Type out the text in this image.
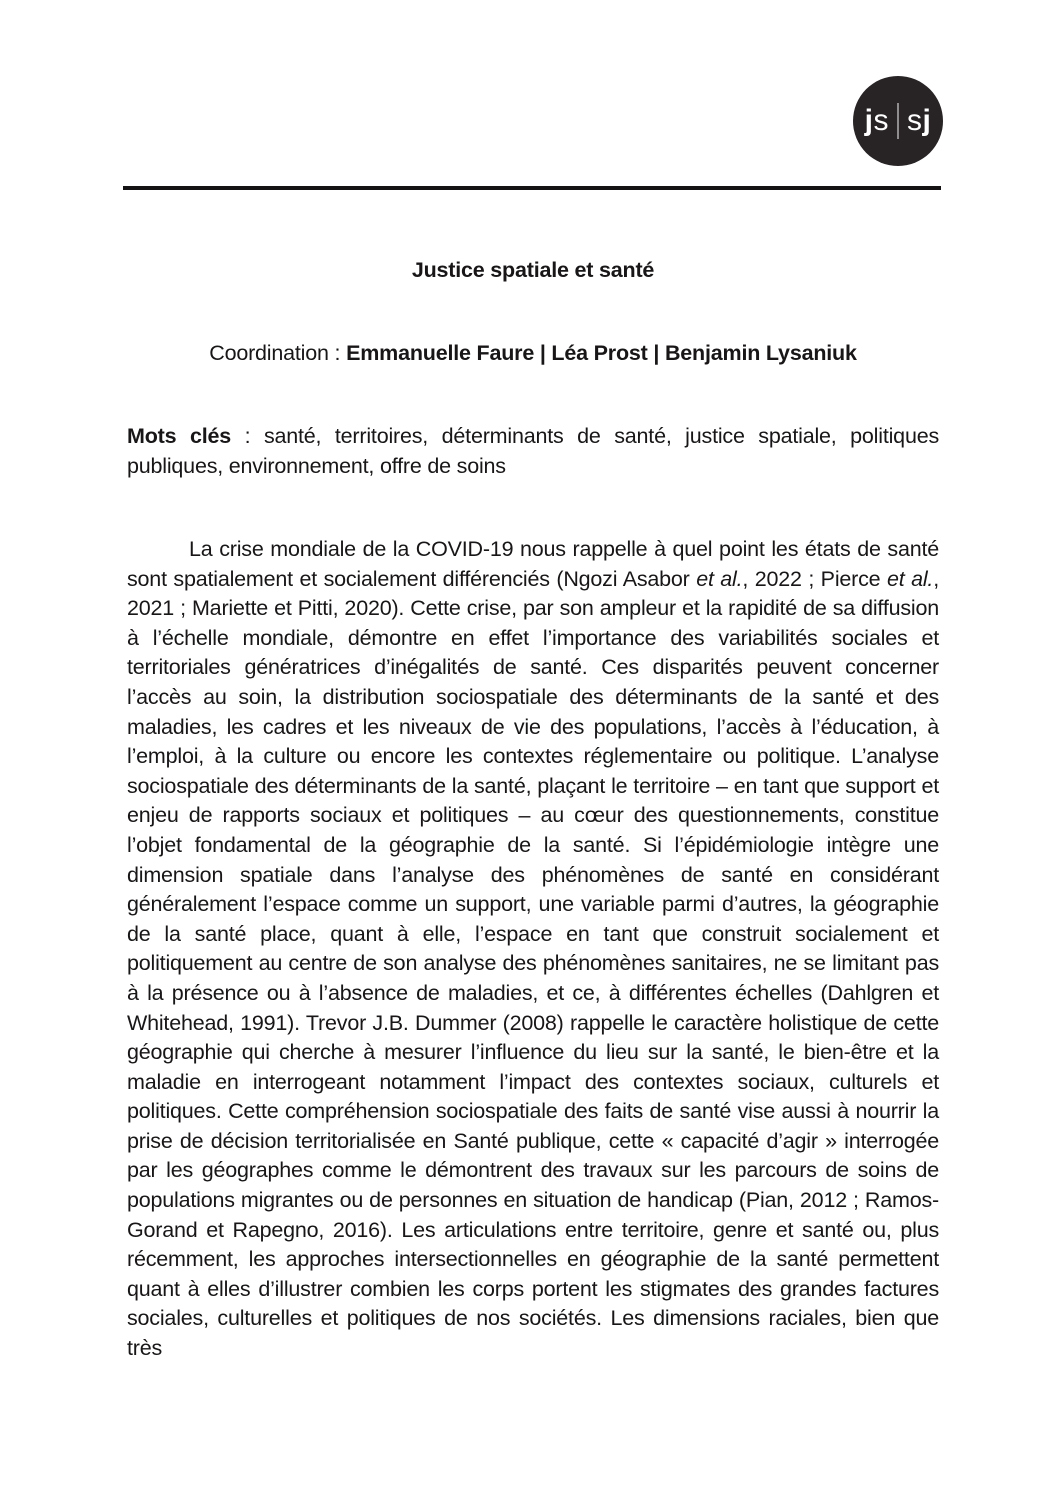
js sj
Justice spatiale et santé
Coordination : Emmanuelle Faure | Léa Prost | Benjamin Lysaniuk
Mots clés : santé, territoires, déterminants de santé, justice spatiale, politiques publiques, environnement, offre de soins
La crise mondiale de la COVID-19 nous rappelle à quel point les états de santé sont spatialement et socialement différenciés (Ngozi Asabor et al., 2022 ; Pierce et al., 2021 ; Mariette et Pitti, 2020). Cette crise, par son ampleur et la rapidité de sa diffusion à l’échelle mondiale, démontre en effet l’importance des variabilités sociales et territoriales génératrices d’inégalités de santé. Ces disparités peuvent concerner l’accès au soin, la distribution sociospatiale des déterminants de la santé et des maladies, les cadres et les niveaux de vie des populations, l’accès à l’éducation, à l’emploi, à la culture ou encore les contextes réglementaire ou politique. L’analyse sociospatiale des déterminants de la santé, plaçant le territoire – en tant que support et enjeu de rapports sociaux et politiques – au cœur des questionnements, constitue l’objet fondamental de la géographie de la santé. Si l’épidémiologie intègre une dimension spatiale dans l’analyse des phénomènes de santé en considérant généralement l’espace comme un support, une variable parmi d’autres, la géographie de la santé place, quant à elle, l’espace en tant que construit socialement et politiquement au centre de son analyse des phénomènes sanitaires, ne se limitant pas à la présence ou à l’absence de maladies, et ce, à différentes échelles (Dahlgren et Whitehead, 1991). Trevor J.B. Dummer (2008) rappelle le caractère holistique de cette géographie qui cherche à mesurer l’influence du lieu sur la santé, le bien-être et la maladie en interrogeant notamment l’impact des contextes sociaux, culturels et politiques. Cette compréhension sociospatiale des faits de santé vise aussi à nourrir la prise de décision territorialisée en Santé publique, cette « capacité d’agir » interrogée par les géographes comme le démontrent des travaux sur les parcours de soins de populations migrantes ou de personnes en situation de handicap (Pian, 2012 ; Ramos-Gorand et Rapegno, 2016). Les articulations entre territoire, genre et santé ou, plus récemment, les approches intersectionnelles en géographie de la santé permettent quant à elles d’illustrer combien les corps portent les stigmates des grandes factures sociales, culturelles et politiques de nos sociétés. Les dimensions raciales, bien que très
